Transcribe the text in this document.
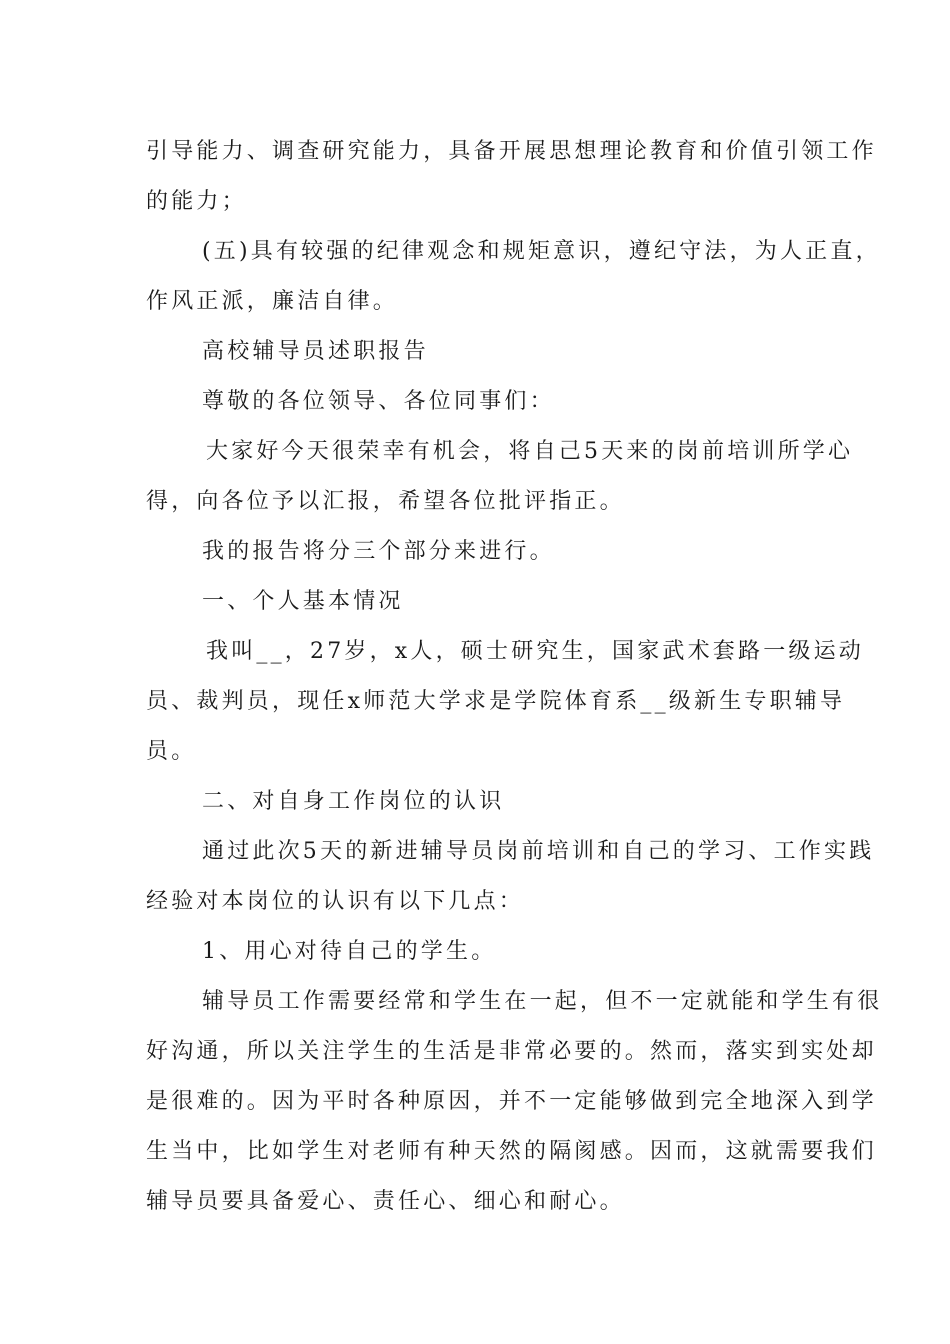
引导能力、调查研究能力，具备开展思想理论教育和价值引领工作
的能力；
(五)具有较强的纪律观念和规矩意识，遵纪守法，为人正直，
作风正派，廉洁自律。
高校辅导员述职报告
尊敬的各位领导、各位同事们：
大家好今天很荣幸有机会，将自己5天来的岗前培训所学心
得，向各位予以汇报，希望各位批评指正。
我的报告将分三个部分来进行。
一、个人基本情况
我叫__，27岁，x人，硕士研究生，国家武术套路一级运动
员、裁判员，现任x师范大学求是学院体育系__级新生专职辅导
员。
二、对自身工作岗位的认识
通过此次5天的新进辅导员岗前培训和自己的学习、工作实践
经验对本岗位的认识有以下几点：
1、用心对待自己的学生。
辅导员工作需要经常和学生在一起，但不一定就能和学生有很
好沟通，所以关注学生的生活是非常必要的。然而，落实到实处却
是很难的。因为平时各种原因，并不一定能够做到完全地深入到学
生当中，比如学生对老师有种天然的隔阂感。因而，这就需要我们
辅导员要具备爱心、责任心、细心和耐心。
